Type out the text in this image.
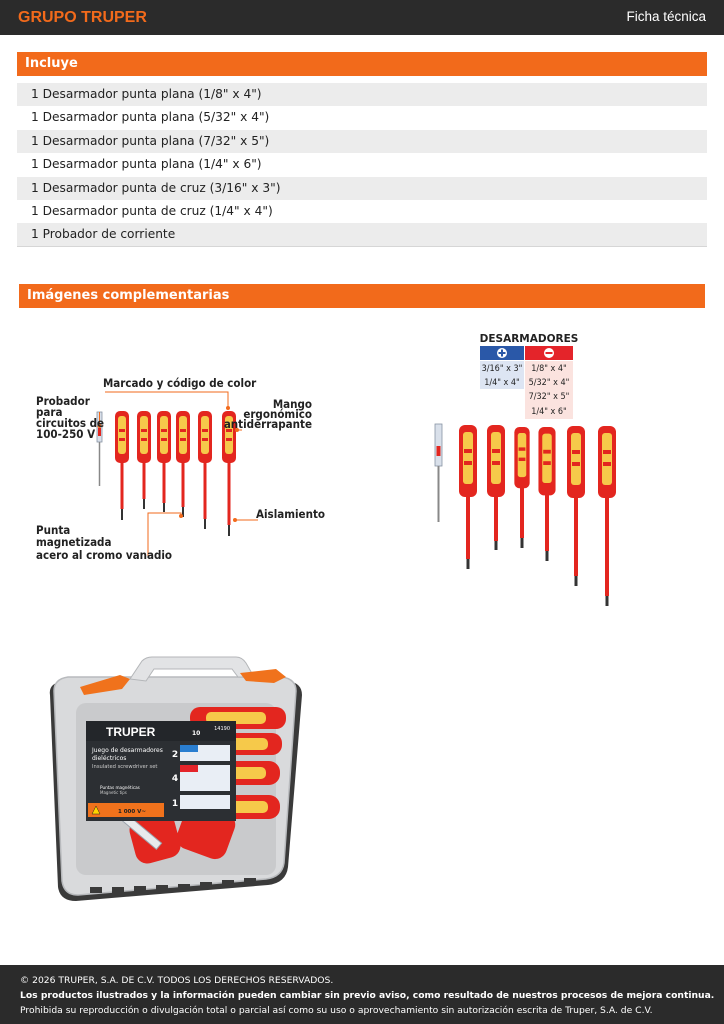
GRUPO TRUPER	Ficha técnica
Incluye
1 Desarmador punta plana (1/8" x 4")
1 Desarmador punta plana (5/32" x 4")
1 Desarmador punta plana (7/32" x 5")
1 Desarmador punta plana (1/4" x 6")
1 Desarmador punta de cruz (3/16" x 3")
1 Desarmador punta de cruz (1/4" x 4")
1 Probador de corriente
Imágenes complementarias
Marcado y código de color
Probador
para
circuitos de
100-250 V
Mango
ergonómico
antiderrapante
Aislamiento
Punta
magnetizada
acero al cromo vanadio
DESARMADORES
3/16" x 3"
1/4" x 4"
1/8" x 4"
5/32" x 4"
7/32" x 5"
1/4" x 6"
TRUPER	14190
10
Juego de desarmadores
dieléctricos
Insulated screwdriver set
Puntas magnéticas
Magnetic tips
2
4
1
1 000 V~
© 2026 TRUPER, S.A. DE C.V. TODOS LOS DERECHOS RESERVADOS.
Los productos ilustrados y la información pueden cambiar sin previo aviso, como resultado de nuestros procesos de mejora continua.
Prohibida su reproducción o divulgación total o parcial así como su uso o aprovechamiento sin autorización escrita de Truper, S.A. de C.V.
